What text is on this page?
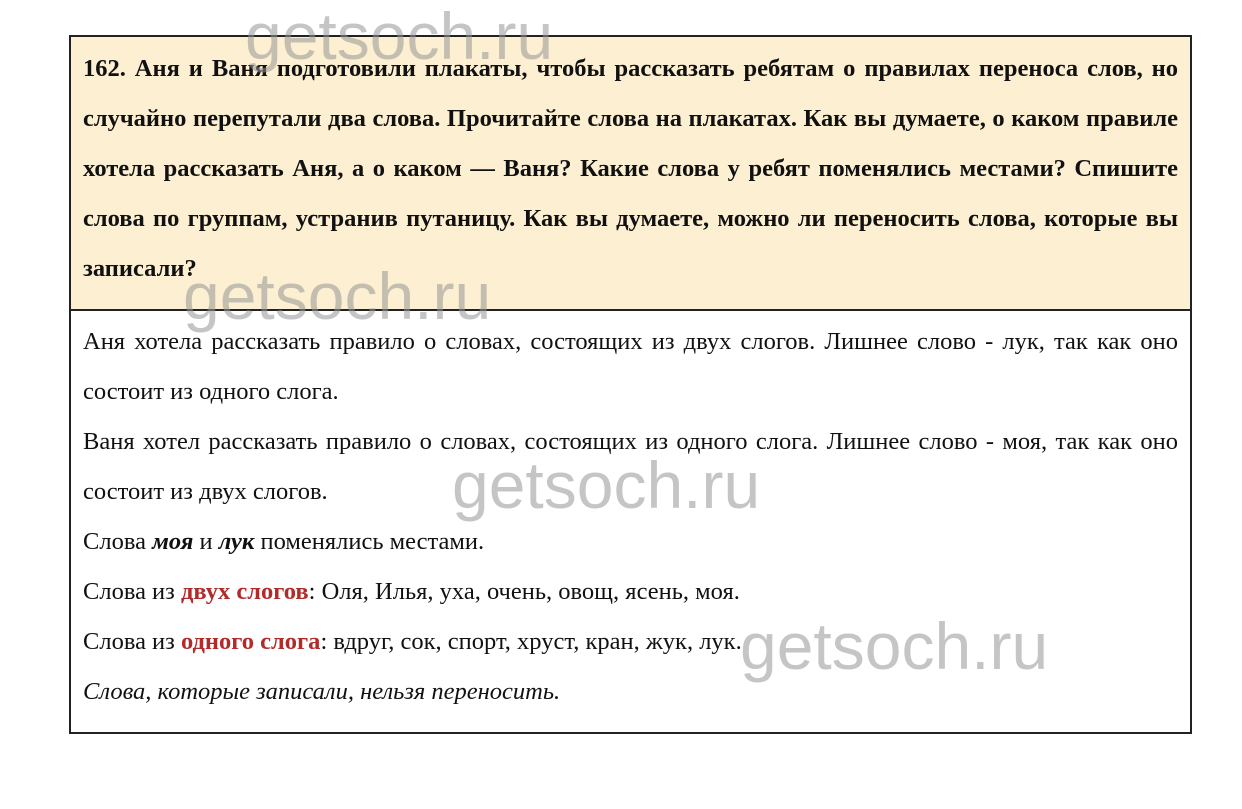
162. Аня и Ваня подготовили плакаты, чтобы рассказать ребятам о правилах переноса слов, но случайно перепутали два слова. Прочитайте слова на плакатах. Как вы думаете, о каком правиле хотела рассказать Аня, а о каком — Ваня? Какие слова у ребят поменялись местами? Спишите слова по группам, устранив путаницу. Как вы думаете, можно ли переносить слова, которые вы записали?

Аня хотела рассказать правило о словах, состоящих из двух слогов. Лишнее слово - лук, так как оно состоит из одного слога.

Ваня хотел рассказать правило о словах, состоящих из одного слога. Лишнее слово - моя, так как оно состоит из двух слогов.

Слова моя и лук поменялись местами.

Слова из двух слогов: Оля, Илья, уха, очень, овощ, ясень, моя.

Слова из одного слога: вдруг, сок, спорт, хруст, кран, жук, лук.

Слова, которые записали, нельзя переносить.

getsoch.ru
getsoch.ru
getsoch.ru
getsoch.ru
